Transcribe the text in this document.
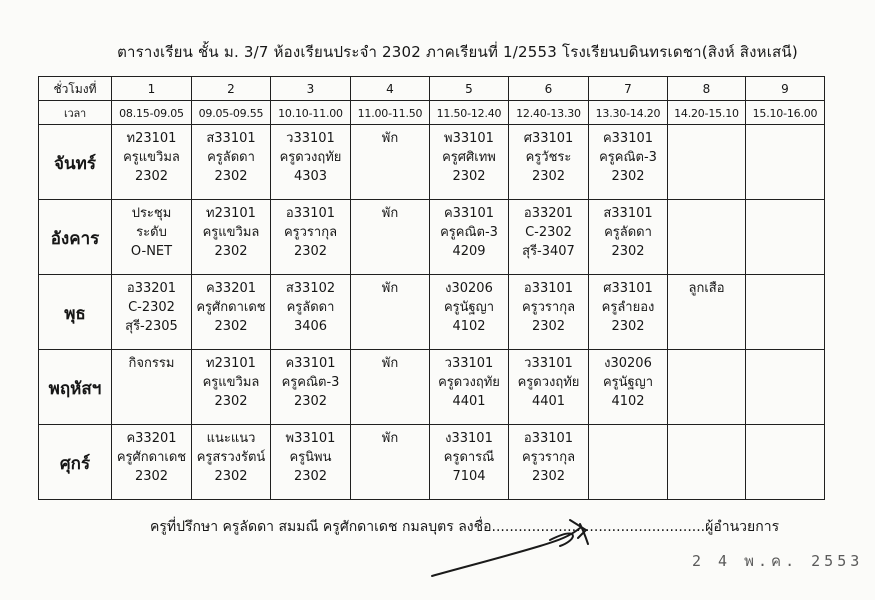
ตารางเรียน ชั้น ม. 3/7 ห้องเรียนประจำ 2302 ภาคเรียนที่ 1/2553 โรงเรียนบดินทรเดชา(สิงห์ สิงหเสนี)
ชั่วโมงที่	1	2	3	4	5	6	7	8	9
เวลา	08.15-09.05	09.05-09.55	10.10-11.00	11.00-11.50	11.50-12.40	12.40-13.30	13.30-14.20	14.20-15.10	15.10-16.00
จันทร์	ท23101
ครูแขวิมล
2302	ส33101
ครูลัดดา
2302	ว33101
ครูดวงฤทัย
4303	พัก	พ33101
ครูศศิเทพ
2302	ศ33101
ครูวัชระ
2302	ค33101
ครูคณิต-3
2302		

อังคาร	ประชุม
ระดับ
O-NET	ท23101
ครูแขวิมล
2302	อ33101
ครูวรากุล
2302	พัก	ค33101
ครูคณิต-3
4209	อ33201
C-2302
สุรี-3407	ส33101
ครูลัดดา
2302		

พุธ	อ33201
C-2302
สุรี-2305	ค33201
ครูศักดาเดช
2302	ส33102
ครูลัดดา
3406	พัก	ง30206
ครูนัฐญา
4102	อ33101
ครูวรากุล
2302	ศ33101
ครูลำยอง
2302	ลูกเสือ	

พฤหัสฯ	กิจกรรม	ท23101
ครูแขวิมล
2302	ค33101
ครูคณิต-3
2302	พัก	ว33101
ครูดวงฤทัย
4401	ว33101
ครูดวงฤทัย
4401	ง30206
ครูนัฐญา
4102		

ศุกร์	ค33201
ครูศักดาเดช
2302	แนะแนว
ครูสรวงรัตน์
2302	พ33101
ครูนิพน
2302	พัก	ง33101
ครูดารณี
7104	อ33101
ครูวรากุล
2302			

ครูที่ปรึกษา ครูลัดดา สมมณี ครูศักดาเดช กมลบุตร ลงชื่อ................................................ผู้อำนวยการ
2 4 พ.ค. 2553
